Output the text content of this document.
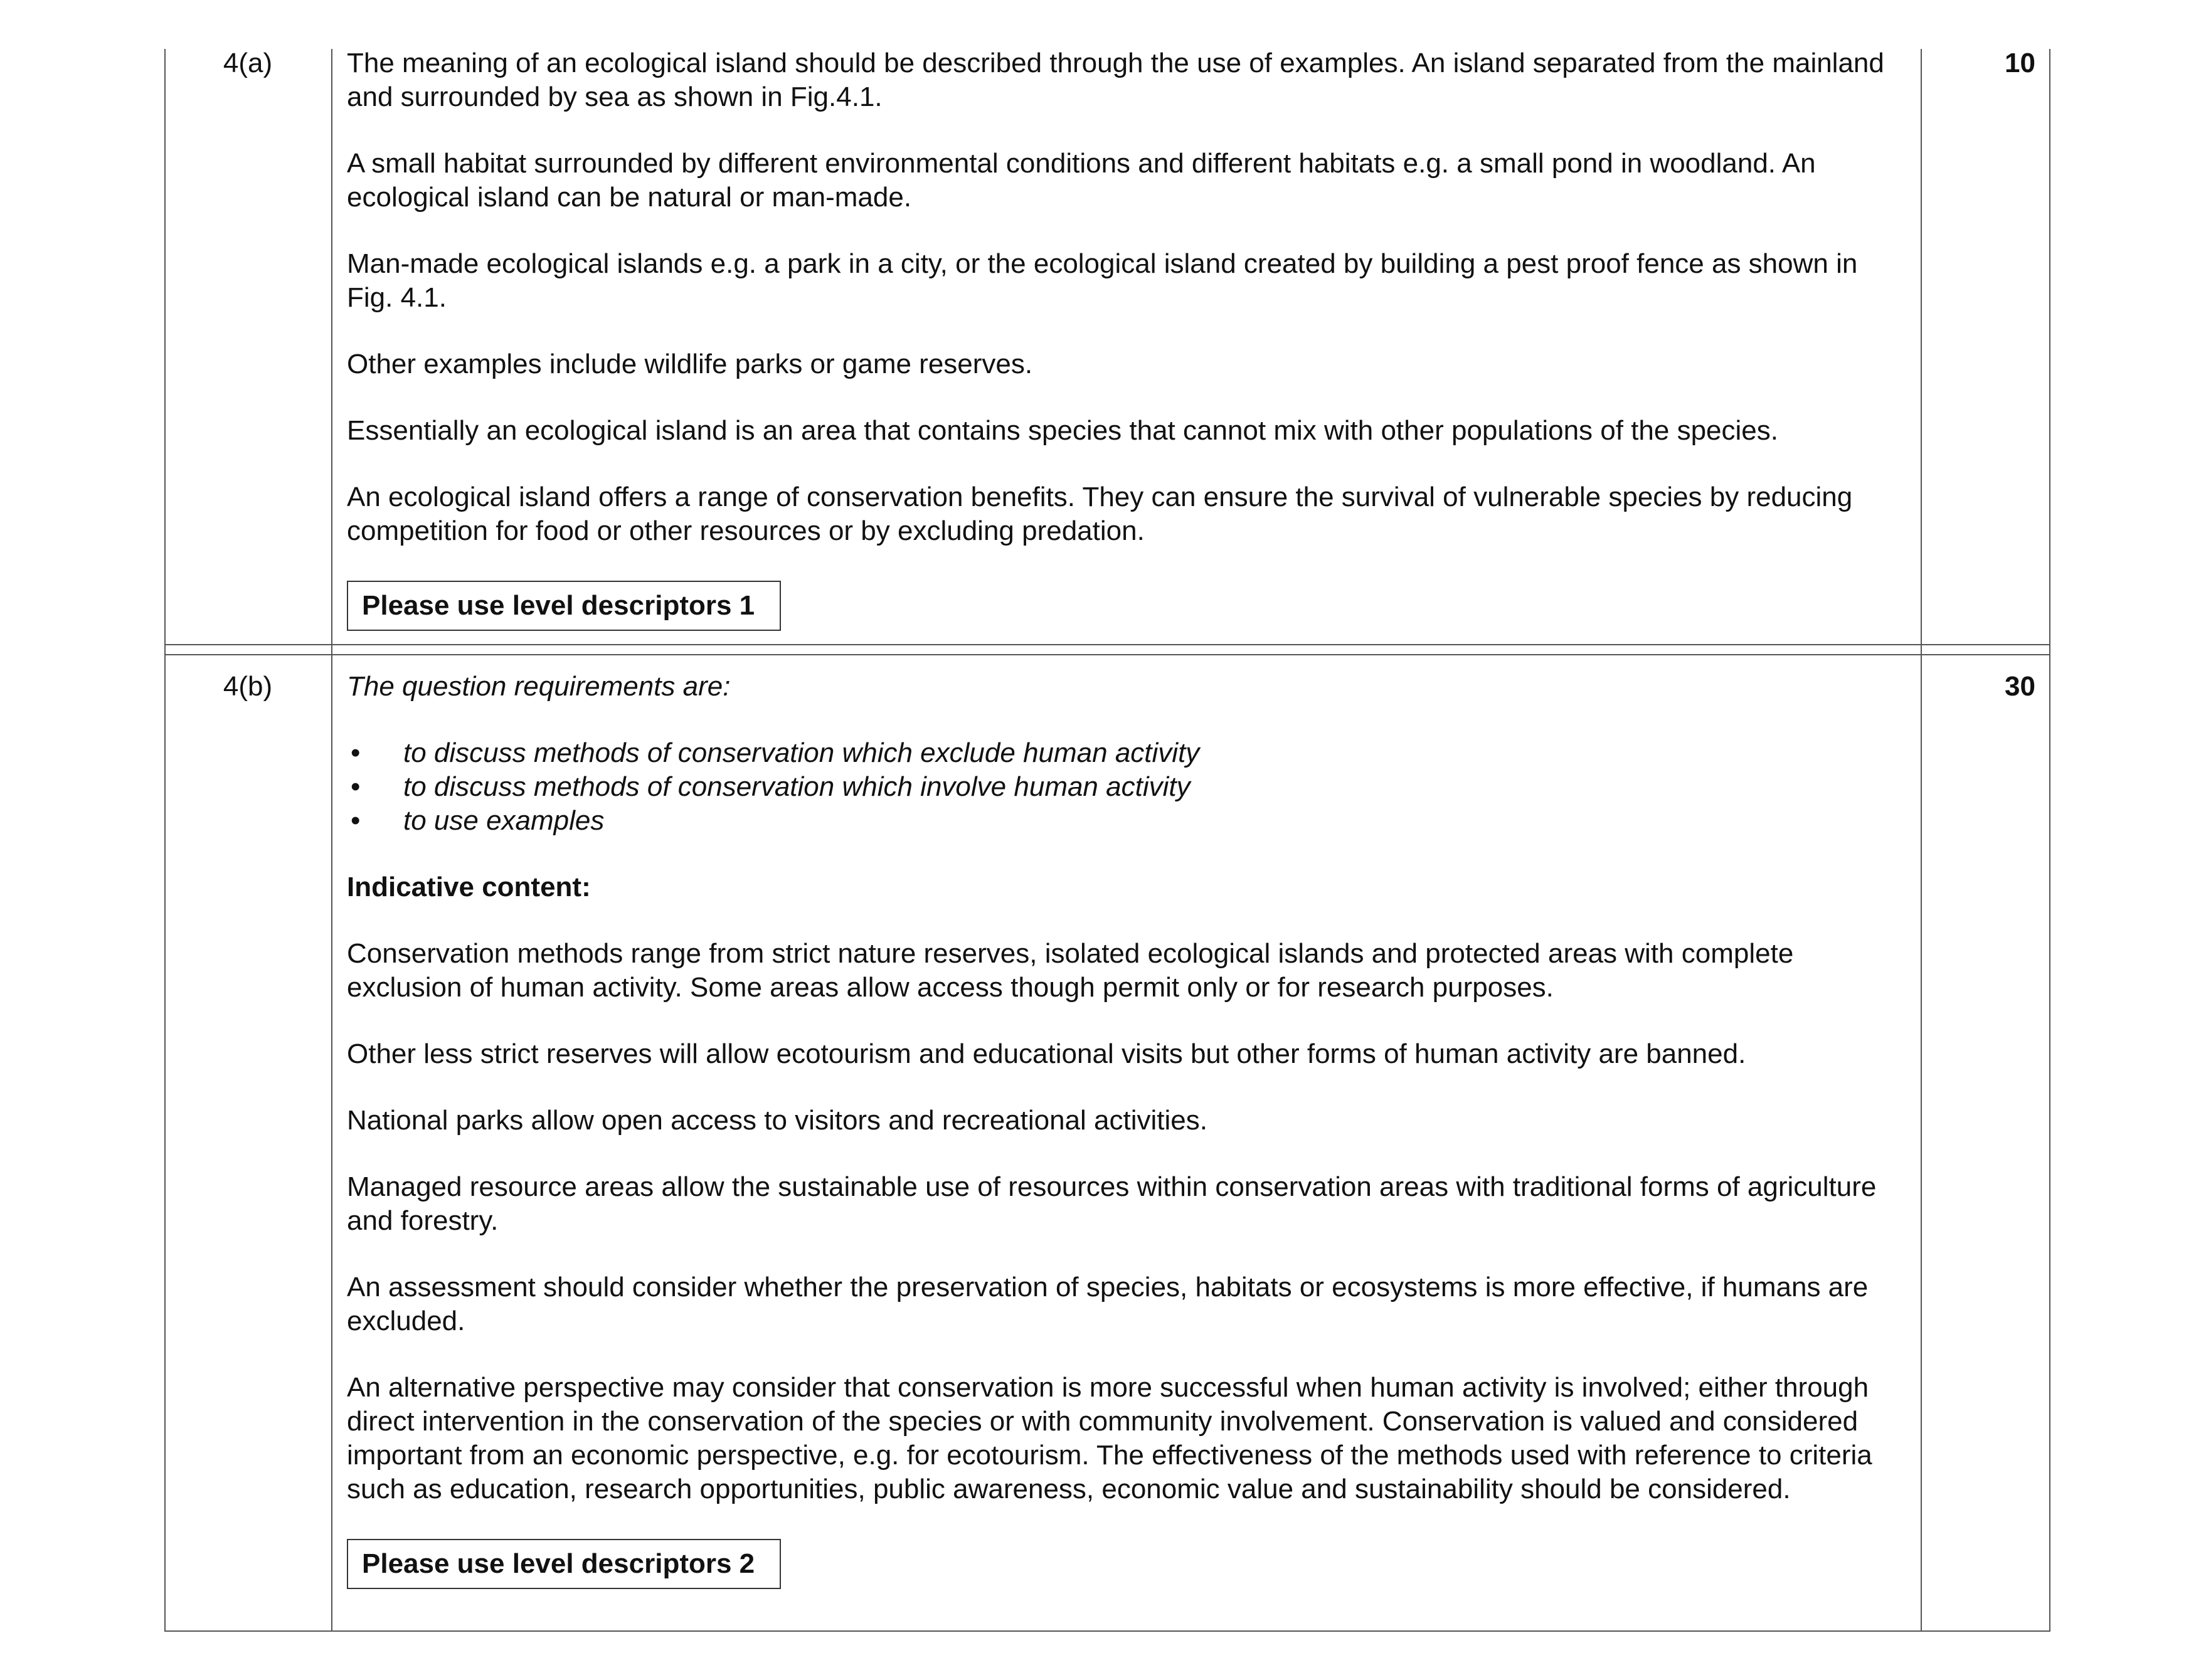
4(a)	10

The meaning of an ecological island should be described through the use of examples. An island separated from the mainland and surrounded by sea as shown in Fig.4.1.

A small habitat surrounded by different environmental conditions and different habitats e.g. a small pond in woodland. An ecological island can be natural or man-made.

Man-made ecological islands e.g. a park in a city, or the ecological island created by building a pest proof fence as shown in Fig. 4.1.

Other examples include wildlife parks or game reserves.

Essentially an ecological island is an area that contains species that cannot mix with other populations of the species.

An ecological island offers a range of conservation benefits. They can ensure the survival of vulnerable species by reducing competition for food or other resources or by excluding predation.

Please use level descriptors 1
4(b)	30

The question requirements are:

• to discuss methods of conservation which exclude human activity
• to discuss methods of conservation which involve human activity
• to use examples

Indicative content:

Conservation methods range from strict nature reserves, isolated ecological islands and protected areas with complete exclusion of human activity. Some areas allow access though permit only or for research purposes.

Other less strict reserves will allow ecotourism and educational visits but other forms of human activity are banned.

National parks allow open access to visitors and recreational activities.

Managed resource areas allow the sustainable use of resources within conservation areas with traditional forms of agriculture and forestry.

An assessment should consider whether the preservation of species, habitats or ecosystems is more effective, if humans are excluded.

An alternative perspective may consider that conservation is more successful when human activity is involved; either through direct intervention in the conservation of the species or with community involvement. Conservation is valued and considered important from an economic perspective, e.g. for ecotourism. The effectiveness of the methods used with reference to criteria such as education, research opportunities, public awareness, economic value and sustainability should be considered.

Please use level descriptors 2
